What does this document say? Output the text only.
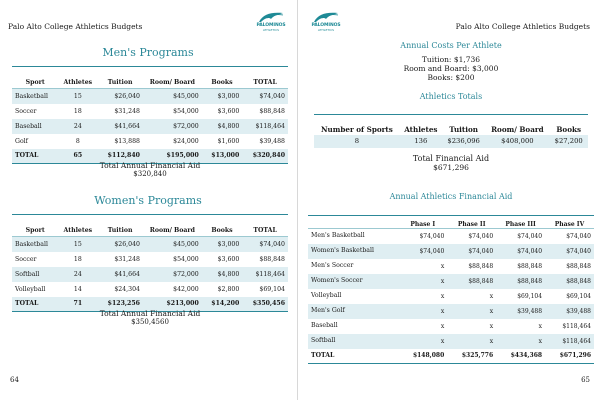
Palo Alto College Athletics Budgets	PALOMINOS
ATHLETICS
Men's Programs
Sport	Athletes	Tuition	Room/ Board	Books	TOTAL
Basketball	15	$26,040	$45,000	$3,000	$74,040
Soccer	18	$31,248	$54,000	$3,600	$88,848
Baseball	24	$41,664	$72,000	$4,800	$118,464
Golf	8	$13,888	$24,000	$1,600	$39,488
TOTAL	65	$112,840	$195,000	$13,000	$320,840
Total Annual Financial Aid
$320,840
Women's Programs
Sport	Athletes	Tuition	Room/ Board	Books	TOTAL
Basketball	15	$26,040	$45,000	$3,000	$74,040
Soccer	18	$31,248	$54,000	$3,600	$88,848
Softball	24	$41,664	$72,000	$4,800	$118,464
Volleyball	14	$24,304	$42,000	$2,800	$69,104
TOTAL	71	$123,256	$213,000	$14,200	$350,456
Total Annual Financial Aid
$350,4560
64
PALOMINOS
ATHLETICS	Palo Alto College Athletics Budgets
Annual Costs Per Athlete
Tuition: $1,736
Room and Board: $3,000
Books: $200
Athletics Totals
Number of Sports	Athletes	Tuition	Room/ Board	Books
8	136	$236,096	$408,000	$27,200
Total Financial Aid
$671,296
Annual Athletics Financial Aid
	Phase I	Phase II	Phase III	Phase IV
Men's Basketball	$74,040	$74,040	$74,040	$74,040
Women's Basketball	$74,040	$74,040	$74,040	$74,040
Men's Soccer	x	$88,848	$88,848	$88,848
Women's Soccer	x	$88,848	$88,848	$88,848
Volleyball	x	x	$69,104	$69,104
Men's Golf	x	x	$39,488	$39,488
Baseball	x	x	x	$118,464
Softball	x	x	x	$118,464
TOTAL	$148,080	$325,776	$434,368	$671,296
65
